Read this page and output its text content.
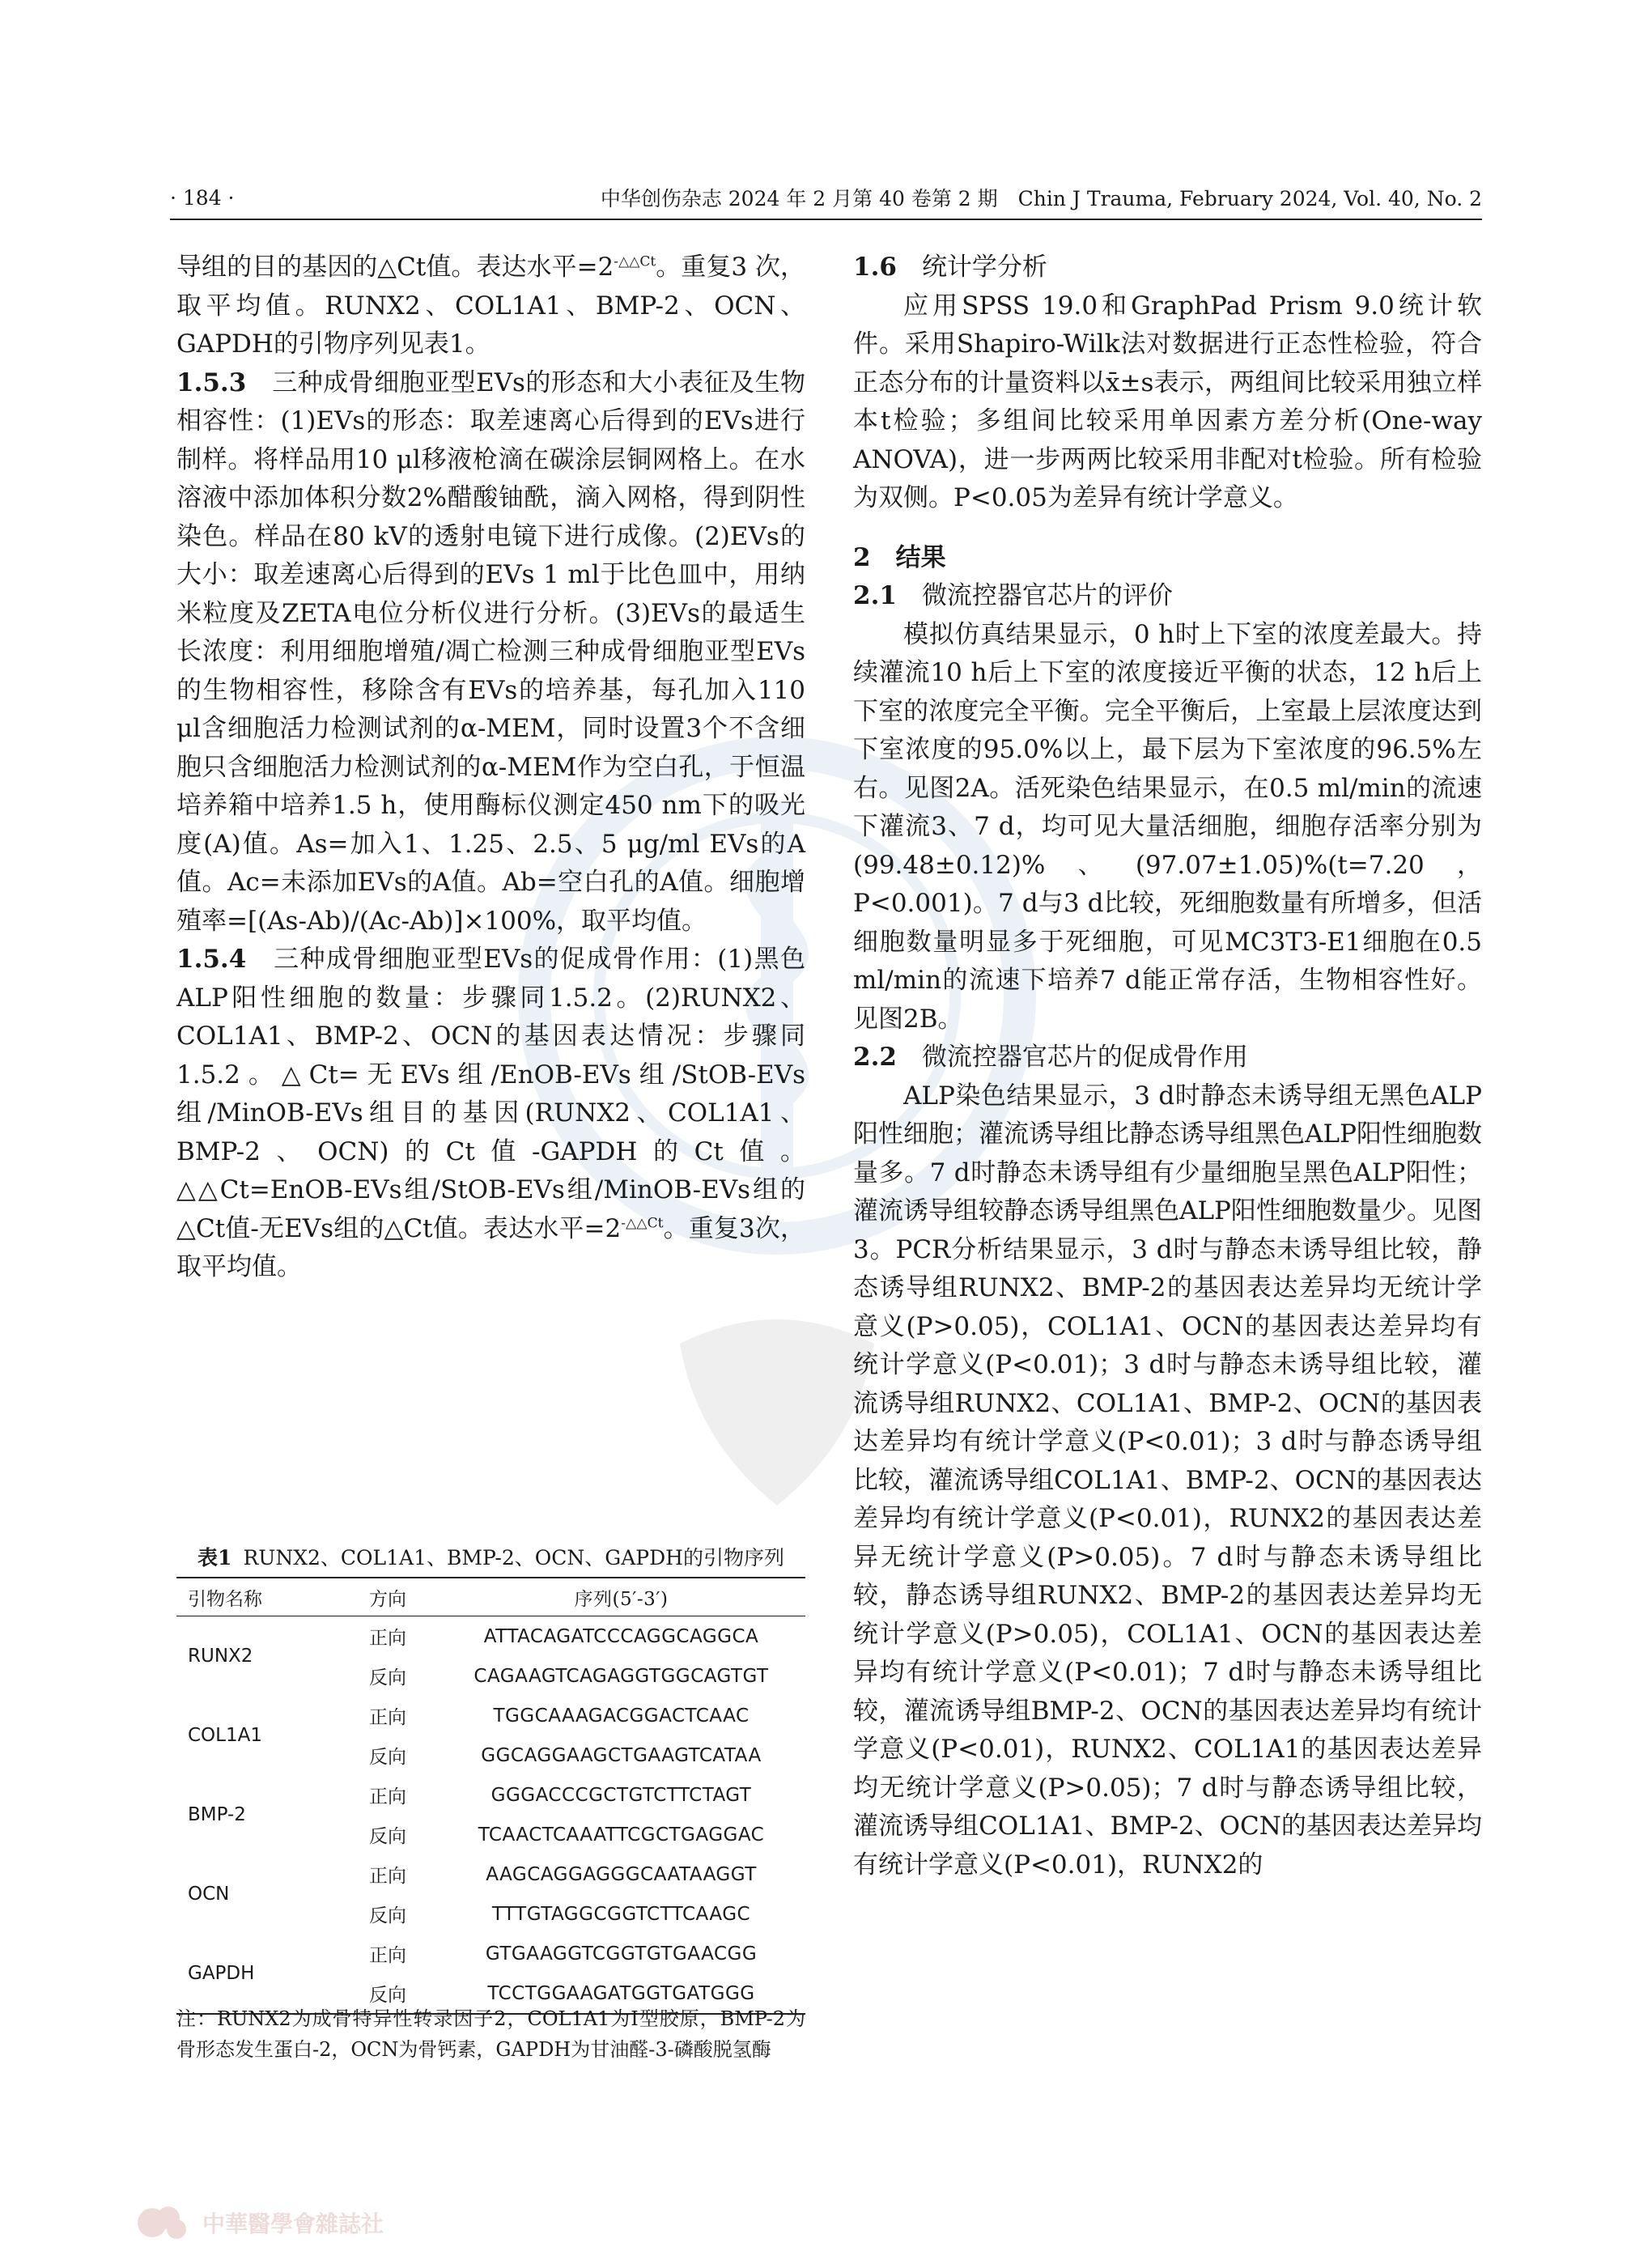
· 184 ·	中华创伤杂志 2024 年 2 月第 40 卷第 2 期　Chin J Trauma, February 2024, Vol. 40, No. 2

导组的目的基因的△Ct值。表达水平$=2^{-\triangle\triangle Ct}$。重复3 次，取平均值。RUNX2、COL1A1、BMP-2、OCN、GAPDH的引物序列见表1。

1.5.3　 三种成骨细胞亚型EVs的形态和大小表征及生物相容性：(1)EVs的形态：取差速离心后得到的EVs进行制样。将样品用10 μl移液枪滴在碳涂层铜网格上。在水溶液中添加体积分数2%醋酸铀酰，滴入网格，得到阴性染色。样品在80 kV的透射电镜下进行成像。(2)EVs的大小：取差速离心后得到的EVs 1 ml于比色皿中，用纳米粒度及ZETA电位分析仪进行分析。(3)EVs的最适生长浓度：利用细胞增殖/凋亡检测三种成骨细胞亚型EVs的生物相容性，移除含有EVs的培养基，每孔加入110 μl含细胞活力检测试剂的α-MEM，同时设置3个不含细胞只含细胞活力检测试剂的α-MEM作为空白孔，于恒温培养箱中培养1.5 h，使用酶标仪测定450 nm下的吸光度(A)值。As=加入1、1.25、2.5、5 μg/ml EVs的A值。Ac=未添加EVs的A值。Ab=空白孔的A值。细胞增殖率=[(As-Ab)/(Ac-Ab)]×100%，取平均值。

1.5.4　 三种成骨细胞亚型EVs的促成骨作用：(1)黑色ALP阳性细胞的数量：步骤同1.5.2。(2)RUNX2、COL1A1、BMP-2、OCN的基因表达情况：步骤同1.5.2。△Ct=无EVs组/EnOB-EVs组/StOB-EVs组/MinOB-EVs组目的基因(RUNX2、COL1A1、BMP-2、OCN)的Ct值-GAPDH的Ct值。△△Ct=EnOB-EVs组/StOB-EVs组/MinOB-EVs组的△Ct值-无EVs组的△Ct值。表达水平$=2^{-\triangle\triangle Ct}$。重复3次，取平均值。

表1 RUNX2、COL1A1、BMP-2、OCN、GAPDH的引物序列
引物名称	方向	序列(5′-3′)
RUNX2	正向	ATTACAGATCCCAGGCAGGCA
	反向	CAGAAGTCAGAGGTGGCAGTGT
COL1A1	正向	TGGCAAAGACGGACTCAAC
	反向	GGCAGGAAGCTGAAGTCATAA
BMP-2	正向	GGGACCCGCTGTCTTCTAGT
	反向	TCAACTCAAATTCGCTGAGGAC
OCN	正向	AAGCAGGAGGGCAATAAGGT
	反向	TTTGTAGGCGGTCTTCAAGC
GAPDH	正向	GTGAAGGTCGGTGTGAACGG
	反向	TCCTGGAAGATGGTGATGGG
注：RUNX2为成骨特异性转录因子2，COL1A1为Ⅰ型胶原，BMP-2为骨形态发生蛋白-2，OCN为骨钙素，GAPDH为甘油醛-3-磷酸脱氢酶

1.6　 统计学分析

应用SPSS 19.0和GraphPad Prism 9.0统计软件。采用Shapiro-Wilk法对数据进行正态性检验，符合正态分布的计量资料以x̄±s表示，两组间比较采用独立样本t检验；多组间比较采用单因素方差分析(One-way ANOVA)，进一步两两比较采用非配对t检验。所有检验为双侧。P<0.05为差异有统计学意义。

2　 结果

2.1　 微流控器官芯片的评价

模拟仿真结果显示，0 h时上下室的浓度差最大。持续灌流10 h后上下室的浓度接近平衡的状态，12 h后上下室的浓度完全平衡。完全平衡后，上室最上层浓度达到下室浓度的95.0%以上，最下层为下室浓度的96.5%左右。见图2A。活死染色结果显示，在0.5 ml/min的流速下灌流3、7 d，均可见大量活细胞，细胞存活率分别为(99.48±0.12)%、(97.07±1.05)%(t=7.20，P<0.001)。7 d与3 d比较，死细胞数量有所增多，但活细胞数量明显多于死细胞，可见MC3T3-E1细胞在0.5 ml/min的流速下培养7 d能正常存活，生物相容性好。见图2B。

2.2　 微流控器官芯片的促成骨作用

ALP染色结果显示，3 d时静态未诱导组无黑色ALP阳性细胞；灌流诱导组比静态诱导组黑色ALP阳性细胞数量多。7 d时静态未诱导组有少量细胞呈黑色ALP阳性；灌流诱导组较静态诱导组黑色ALP阳性细胞数量少。见图3。PCR分析结果显示，3 d时与静态未诱导组比较，静态诱导组RUNX2、BMP-2的基因表达差异均无统计学意义(P>0.05)，COL1A1、OCN的基因表达差异均有统计学意义(P<0.01)；3 d时与静态未诱导组比较，灌流诱导组RUNX2、COL1A1、BMP-2、OCN的基因表达差异均有统计学意义(P<0.01)；3 d时与静态诱导组比较，灌流诱导组COL1A1、BMP-2、OCN的基因表达差异均有统计学意义(P<0.01)，RUNX2的基因表达差异无统计学意义(P>0.05)。7 d时与静态未诱导组比较，静态诱导组RUNX2、BMP-2的基因表达差异均无统计学意义(P>0.05)，COL1A1、OCN的基因表达差异均有统计学意义(P<0.01)；7 d时与静态未诱导组比较，灌流诱导组BMP-2、OCN的基因表达差异均有统计学意义(P<0.01)，RUNX2、COL1A1的基因表达差异均无统计学意义(P>0.05)；7 d时与静态诱导组比较，灌流诱导组COL1A1、BMP-2、OCN的基因表达差异均有统计学意义(P<0.01)，RUNX2的

中華醫學會雜誌社
